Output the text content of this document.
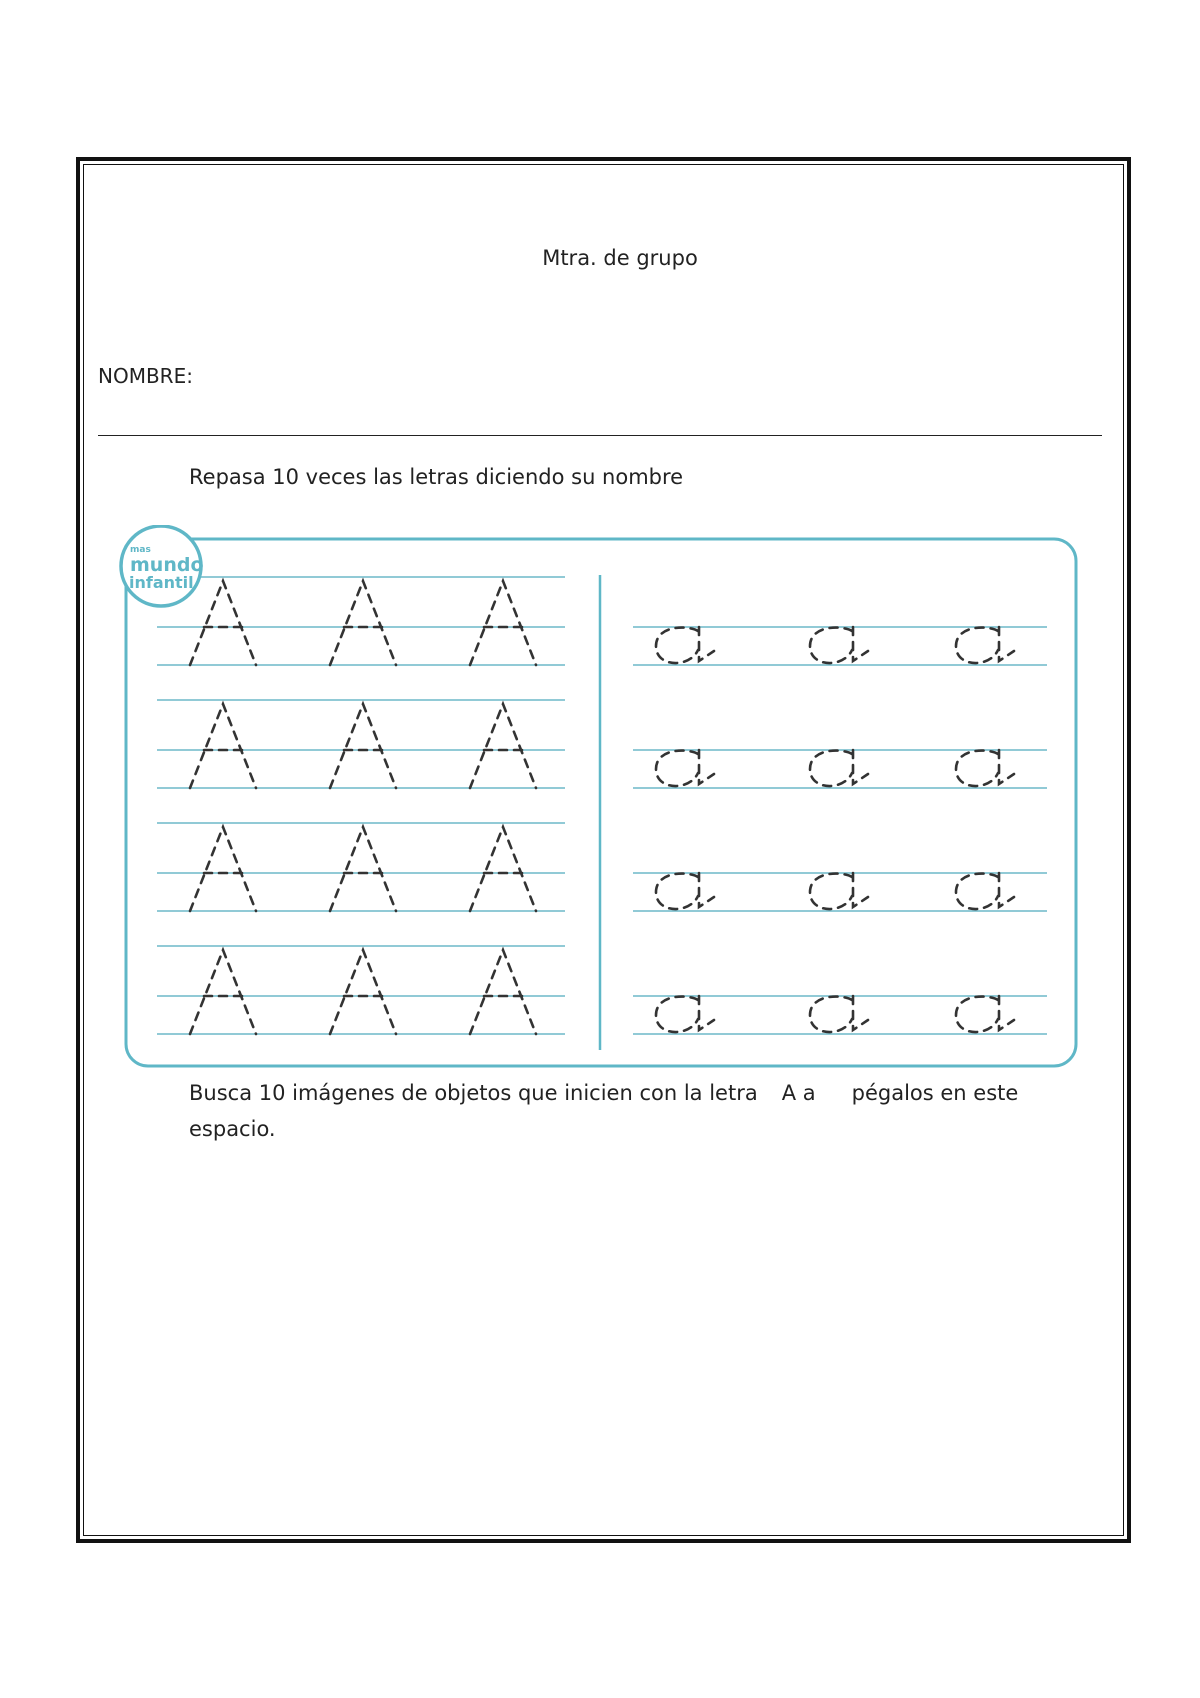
Mtra. de grupo
NOMBRE:
Repasa 10 veces las letras diciendo su nombre
mas
mundo
infantil
Busca 10 imágenes de objetos que inicien con la letra A a pégalos en este
espacio.
